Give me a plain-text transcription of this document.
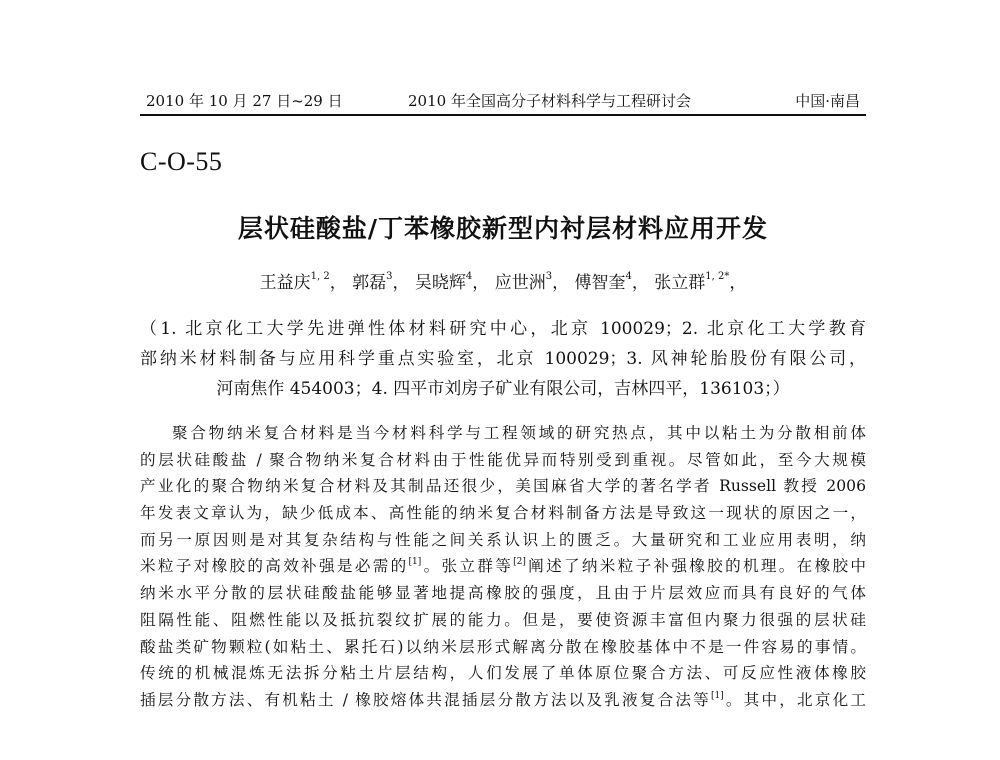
2010 年 10 月 27 日~29 日	2010 年全国高分子材料科学与工程研讨会	中国·南昌
C-O-55
层状硅酸盐/丁苯橡胶新型内衬层材料应用开发
王益庆$^{1, 2}$， 郭磊$^3$， 吴晓辉$^4$， 应世洲$^3$， 傅智奎$^4$， 张立群$^{1, 2*}$，
（1. 北京化工大学先进弹性体材料研究中心，北京 100029；2. 北京化工大学教育
部纳米材料制备与应用科学重点实验室，北京 100029；3. 风神轮胎股份有限公司，
河南焦作 454003；4. 四平市刘房子矿业有限公司，吉林四平，136103；）
聚合物纳米复合材料是当今材料科学与工程领域的研究热点，其中以粘土为分散相前体
的层状硅酸盐 / 聚合物纳米复合材料由于性能优异而特别受到重视。尽管如此，至今大规模
产业化的聚合物纳米复合材料及其制品还很少，美国麻省大学的著名学者 Russell 教授 2006
年发表文章认为，缺少低成本、高性能的纳米复合材料制备方法是导致这一现状的原因之一，
而另一原因则是对其复杂结构与性能之间关系认识上的匮乏。大量研究和工业应用表明，纳
米粒子对橡胶的高效补强是必需的[1]。张立群等[2]阐述了纳米粒子补强橡胶的机理。在橡胶中
纳米水平分散的层状硅酸盐能够显著地提高橡胶的强度，且由于片层效应而具有良好的气体
阻隔性能、阻燃性能以及抵抗裂纹扩展的能力。但是，要使资源丰富但内聚力很强的层状硅
酸盐类矿物颗粒(如粘土、累托石)以纳米层形式解离分散在橡胶基体中不是一件容易的事情。
传统的机械混炼无法拆分粘土片层结构，人们发展了单体原位聚合方法、可反应性液体橡胶
插层分散方法、有机粘土 / 橡胶熔体共混插层分散方法以及乳液复合法等[1]。其中，北京化工
